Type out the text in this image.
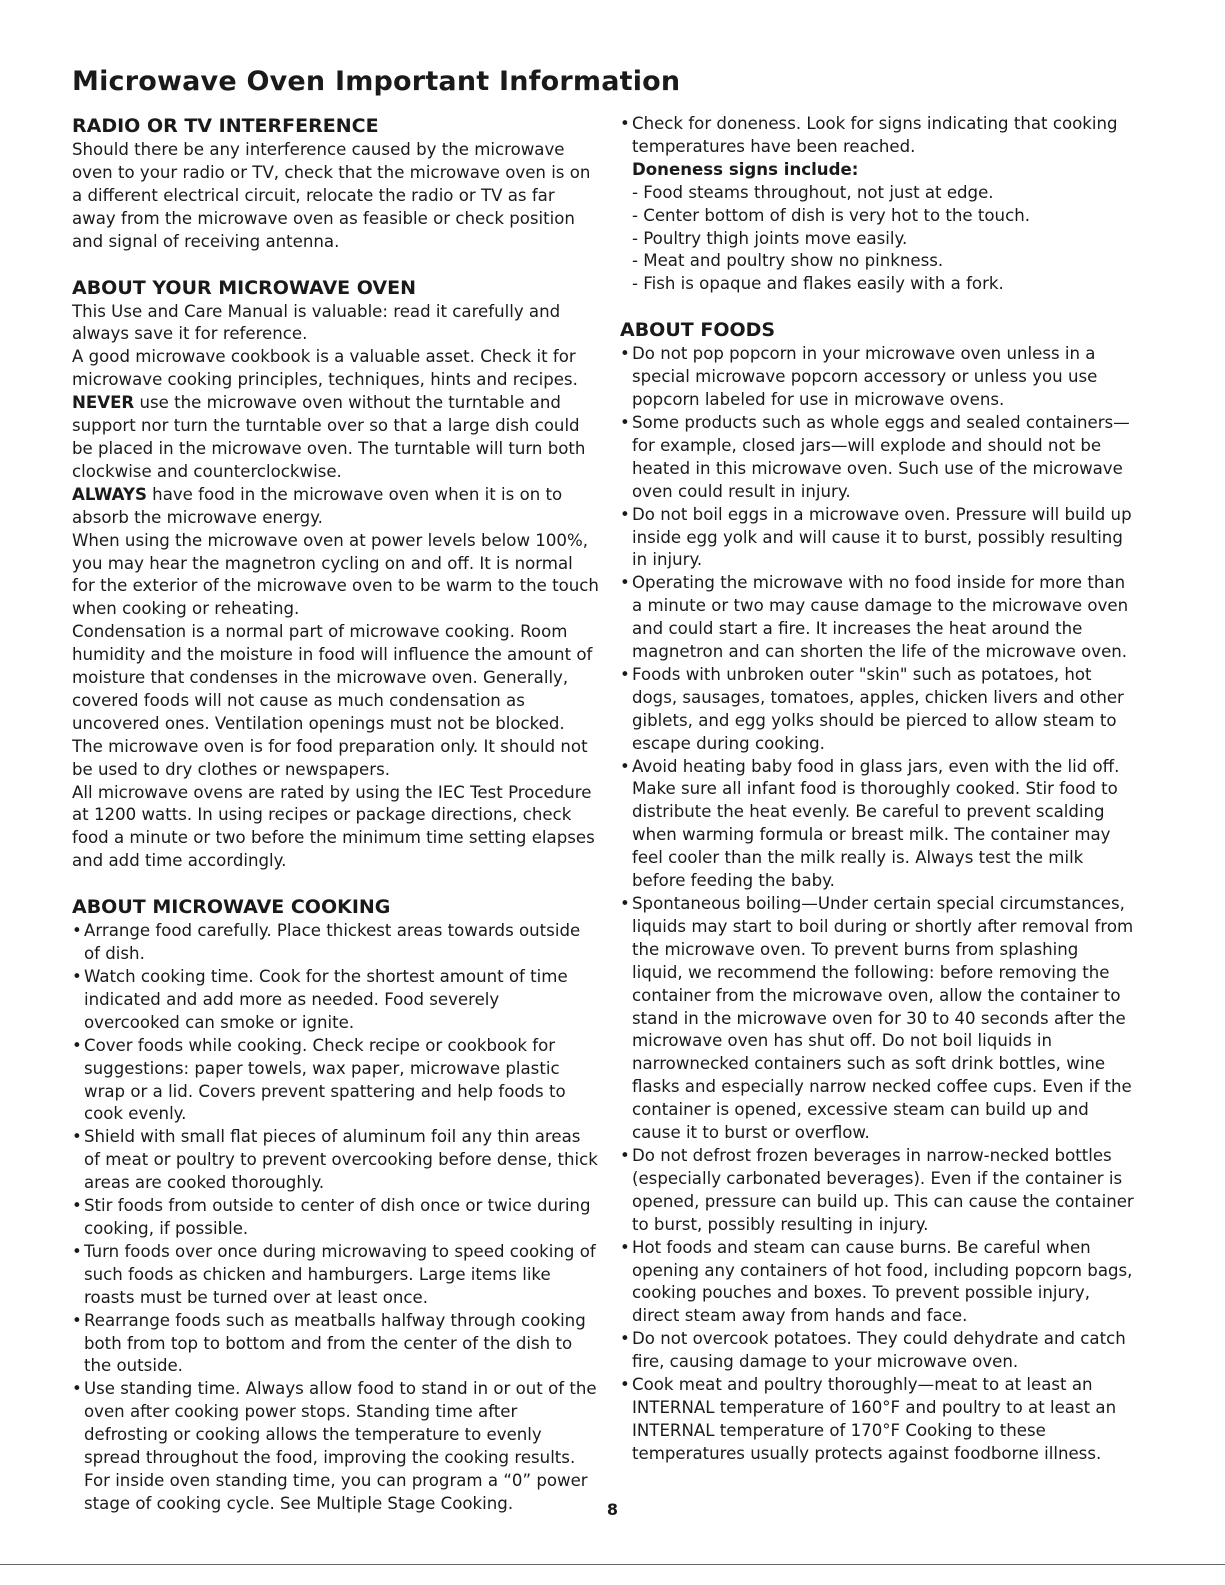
Microwave Oven Important Information
RADIO OR TV INTERFERENCE

Should there be any interference caused by the microwave oven to your radio or TV, check that the microwave oven is on a different electrical circuit, relocate the radio or TV as far away from the microwave oven as feasible or check position and signal of receiving antenna.

ABOUT YOUR MICROWAVE OVEN

This Use and Care Manual is valuable: read it carefully and always save it for reference.

A good microwave cookbook is a valuable asset. Check it for microwave cooking principles, techniques, hints and recipes.

NEVER use the microwave oven without the turntable and support nor turn the turntable over so that a large dish could be placed in the microwave oven. The turntable will turn both clockwise and counterclockwise.

ALWAYS have food in the microwave oven when it is on to absorb the microwave energy.

When using the microwave oven at power levels below 100%, you may hear the magnetron cycling on and off. It is normal for the exterior of the microwave oven to be warm to the touch when cooking or reheating.

Condensation is a normal part of microwave cooking. Room humidity and the moisture in food will influence the amount of moisture that condenses in the microwave oven. Generally, covered foods will not cause as much condensation as uncovered ones. Ventilation openings must not be blocked.

The microwave oven is for food preparation only. It should not be used to dry clothes or newspapers.

All microwave ovens are rated by using the IEC Test Procedure at 1200 watts. In using recipes or package directions, check food a minute or two before the minimum time setting elapses and add time accordingly.

ABOUT MICROWAVE COOKING
• Arrange food carefully. Place thickest areas towards outside of dish.
• Watch cooking time. Cook for the shortest amount of time indicated and add more as needed. Food severely overcooked can smoke or ignite.
• Cover foods while cooking. Check recipe or cookbook for suggestions: paper towels, wax paper, microwave plastic wrap or a lid. Covers prevent spattering and help foods to cook evenly.
• Shield with small flat pieces of aluminum foil any thin areas of meat or poultry to prevent overcooking before dense, thick areas are cooked thoroughly.
• Stir foods from outside to center of dish once or twice during cooking, if possible.
• Turn foods over once during microwaving to speed cooking of such foods as chicken and hamburgers. Large items like roasts must be turned over at least once.
• Rearrange foods such as meatballs halfway through cooking both from top to bottom and from the center of the dish to the outside.
• Use standing time. Always allow food to stand in or out of the oven after cooking power stops. Standing time after defrosting or cooking allows the temperature to evenly spread throughout the food, improving the cooking results. For inside oven standing time, you can program a “0” power stage of cooking cycle. See Multiple Stage Cooking.
• Check for doneness. Look for signs indicating that cooking temperatures have been reached.
Doneness signs include:
- Food steams throughout, not just at edge.
- Center bottom of dish is very hot to the touch.
- Poultry thigh joints move easily.
- Meat and poultry show no pinkness.
- Fish is opaque and flakes easily with a fork.
ABOUT FOODS
• Do not pop popcorn in your microwave oven unless in a special microwave popcorn accessory or unless you use popcorn labeled for use in microwave ovens.
• Some products such as whole eggs and sealed containers—for example, closed jars—will explode and should not be heated in this microwave oven. Such use of the microwave oven could result in injury.
• Do not boil eggs in a microwave oven. Pressure will build up inside egg yolk and will cause it to burst, possibly resulting in injury.
• Operating the microwave with no food inside for more than a minute or two may cause damage to the microwave oven and could start a fire. It increases the heat around the magnetron and can shorten the life of the microwave oven.
• Foods with unbroken outer "skin" such as potatoes, hot dogs, sausages, tomatoes, apples, chicken livers and other giblets, and egg yolks should be pierced to allow steam to escape during cooking.
• Avoid heating baby food in glass jars, even with the lid off. Make sure all infant food is thoroughly cooked. Stir food to distribute the heat evenly. Be careful to prevent scalding when warming formula or breast milk. The container may feel cooler than the milk really is. Always test the milk before feeding the baby.
• Spontaneous boiling—Under certain special circumstances, liquids may start to boil during or shortly after removal from the microwave oven. To prevent burns from splashing liquid, we recommend the following: before removing the container from the microwave oven, allow the container to stand in the microwave oven for 30 to 40 seconds after the microwave oven has shut off. Do not boil liquids in narrownecked containers such as soft drink bottles, wine flasks and especially narrow necked coffee cups. Even if the container is opened, excessive steam can build up and cause it to burst or overflow.
• Do not defrost frozen beverages in narrow-necked bottles (especially carbonated beverages). Even if the container is opened, pressure can build up. This can cause the container to burst, possibly resulting in injury.
• Hot foods and steam can cause burns. Be careful when opening any containers of hot food, including popcorn bags, cooking pouches and boxes. To prevent possible injury, direct steam away from hands and face.
• Do not overcook potatoes. They could dehydrate and catch fire, causing damage to your microwave oven.
• Cook meat and poultry thoroughly—meat to at least an INTERNAL temperature of 160°F and poultry to at least an INTERNAL temperature of 170°F Cooking to these temperatures usually protects against foodborne illness.
8
